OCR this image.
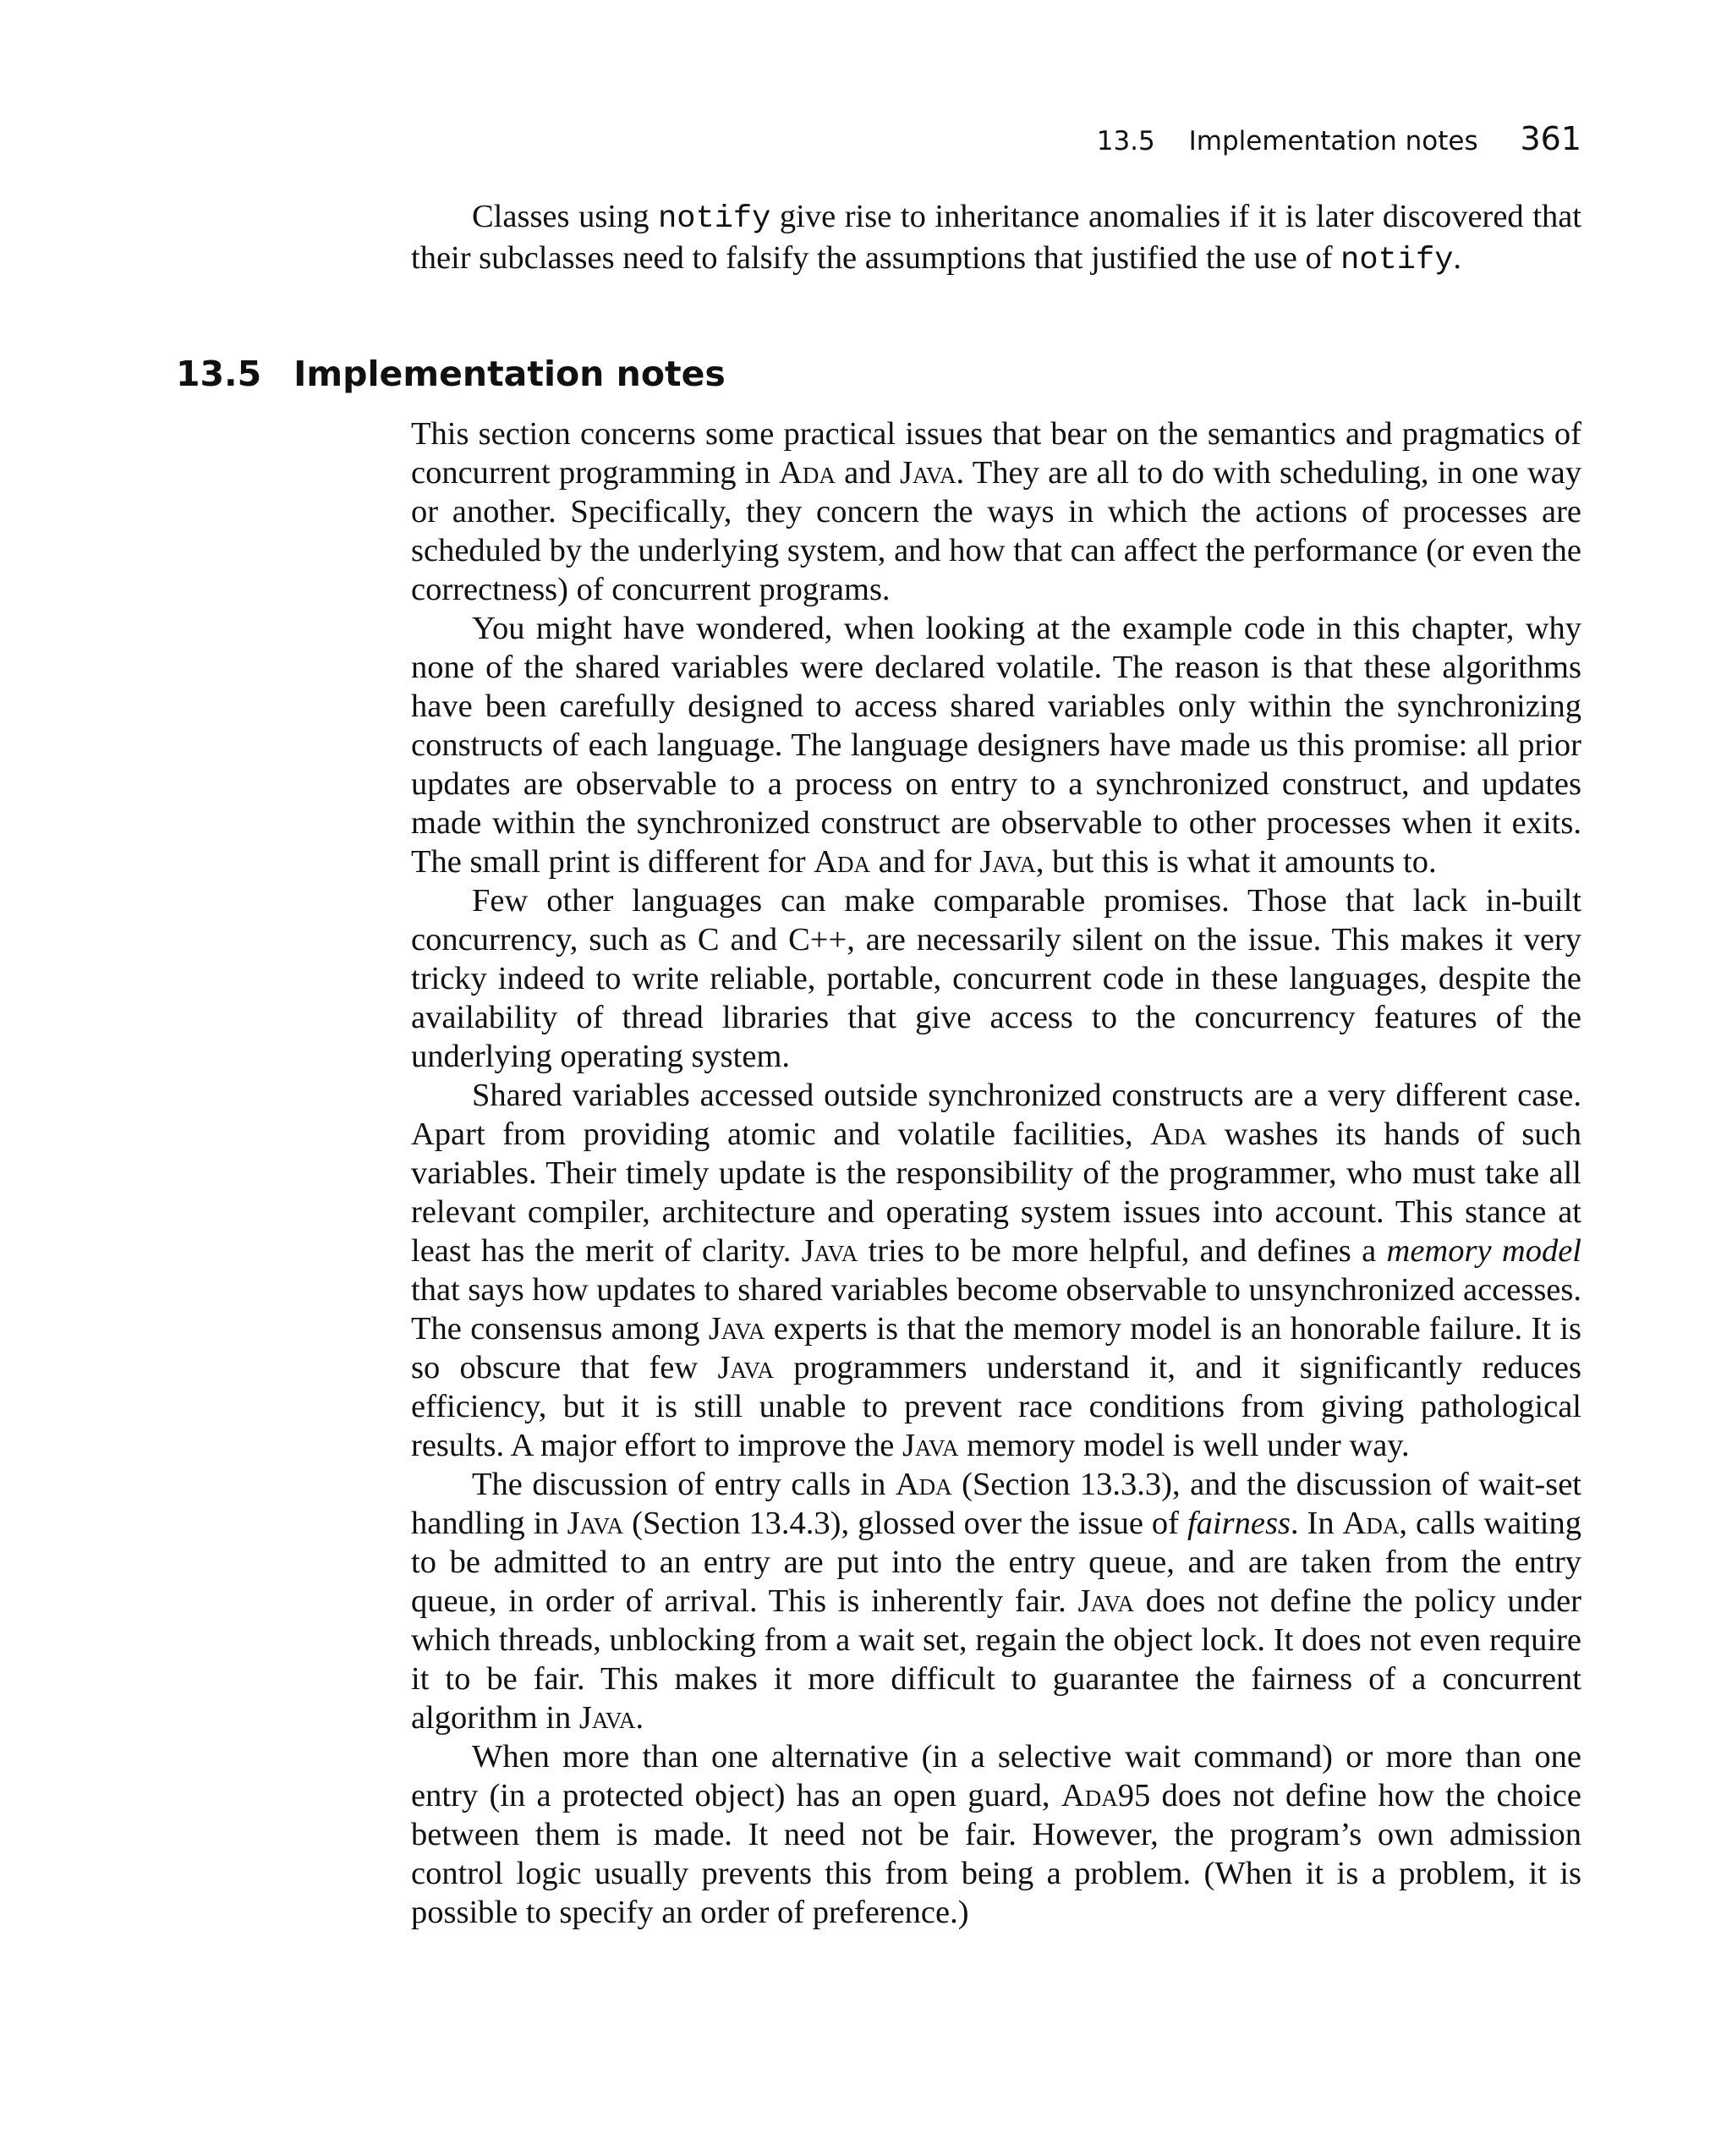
13.5 Implementation notes 361

Classes using notify give rise to inheritance anomalies if it is later discovered that their subclasses need to falsify the assumptions that justified the use of notify.

13.5 Implementation notes

This section concerns some practical issues that bear on the semantics and pragmatics of concurrent programming in Ada and Java. They are all to do with scheduling, in one way or another. Specifically, they concern the ways in which the actions of processes are scheduled by the underlying system, and how that can affect the performance (or even the correctness) of concurrent programs.

You might have wondered, when looking at the example code in this chapter, why none of the shared variables were declared volatile. The reason is that these algorithms have been carefully designed to access shared variables only within the synchronizing constructs of each language. The language designers have made us this promise: all prior updates are observable to a process on entry to a synchronized construct, and updates made within the synchronized construct are observable to other processes when it exits. The small print is different for Ada and for Java, but this is what it amounts to.

Few other languages can make comparable promises. Those that lack in-built concurrency, such as C and C++, are necessarily silent on the issue. This makes it very tricky indeed to write reliable, portable, concurrent code in these languages, despite the availability of thread libraries that give access to the concurrency features of the underlying operating system.

Shared variables accessed outside synchronized constructs are a very different case. Apart from providing atomic and volatile facilities, Ada washes its hands of such variables. Their timely update is the responsibility of the programmer, who must take all relevant compiler, architecture and operating system issues into account. This stance at least has the merit of clarity. Java tries to be more helpful, and defines a memory model that says how updates to shared variables become observable to unsynchronized accesses. The consensus among Java experts is that the memory model is an honorable failure. It is so obscure that few Java programmers understand it, and it significantly reduces efficiency, but it is still unable to prevent race conditions from giving pathological results. A major effort to improve the Java memory model is well under way.

The discussion of entry calls in Ada (Section 13.3.3), and the discussion of wait-set handling in Java (Section 13.4.3), glossed over the issue of fairness. In Ada, calls waiting to be admitted to an entry are put into the entry queue, and are taken from the entry queue, in order of arrival. This is inherently fair. Java does not define the policy under which threads, unblocking from a wait set, regain the object lock. It does not even require it to be fair. This makes it more difficult to guarantee the fairness of a concurrent algorithm in Java.

When more than one alternative (in a selective wait command) or more than one entry (in a protected object) has an open guard, Ada95 does not define how the choice between them is made. It need not be fair. However, the program’s own admission control logic usually prevents this from being a problem. (When it is a problem, it is possible to specify an order of preference.)
